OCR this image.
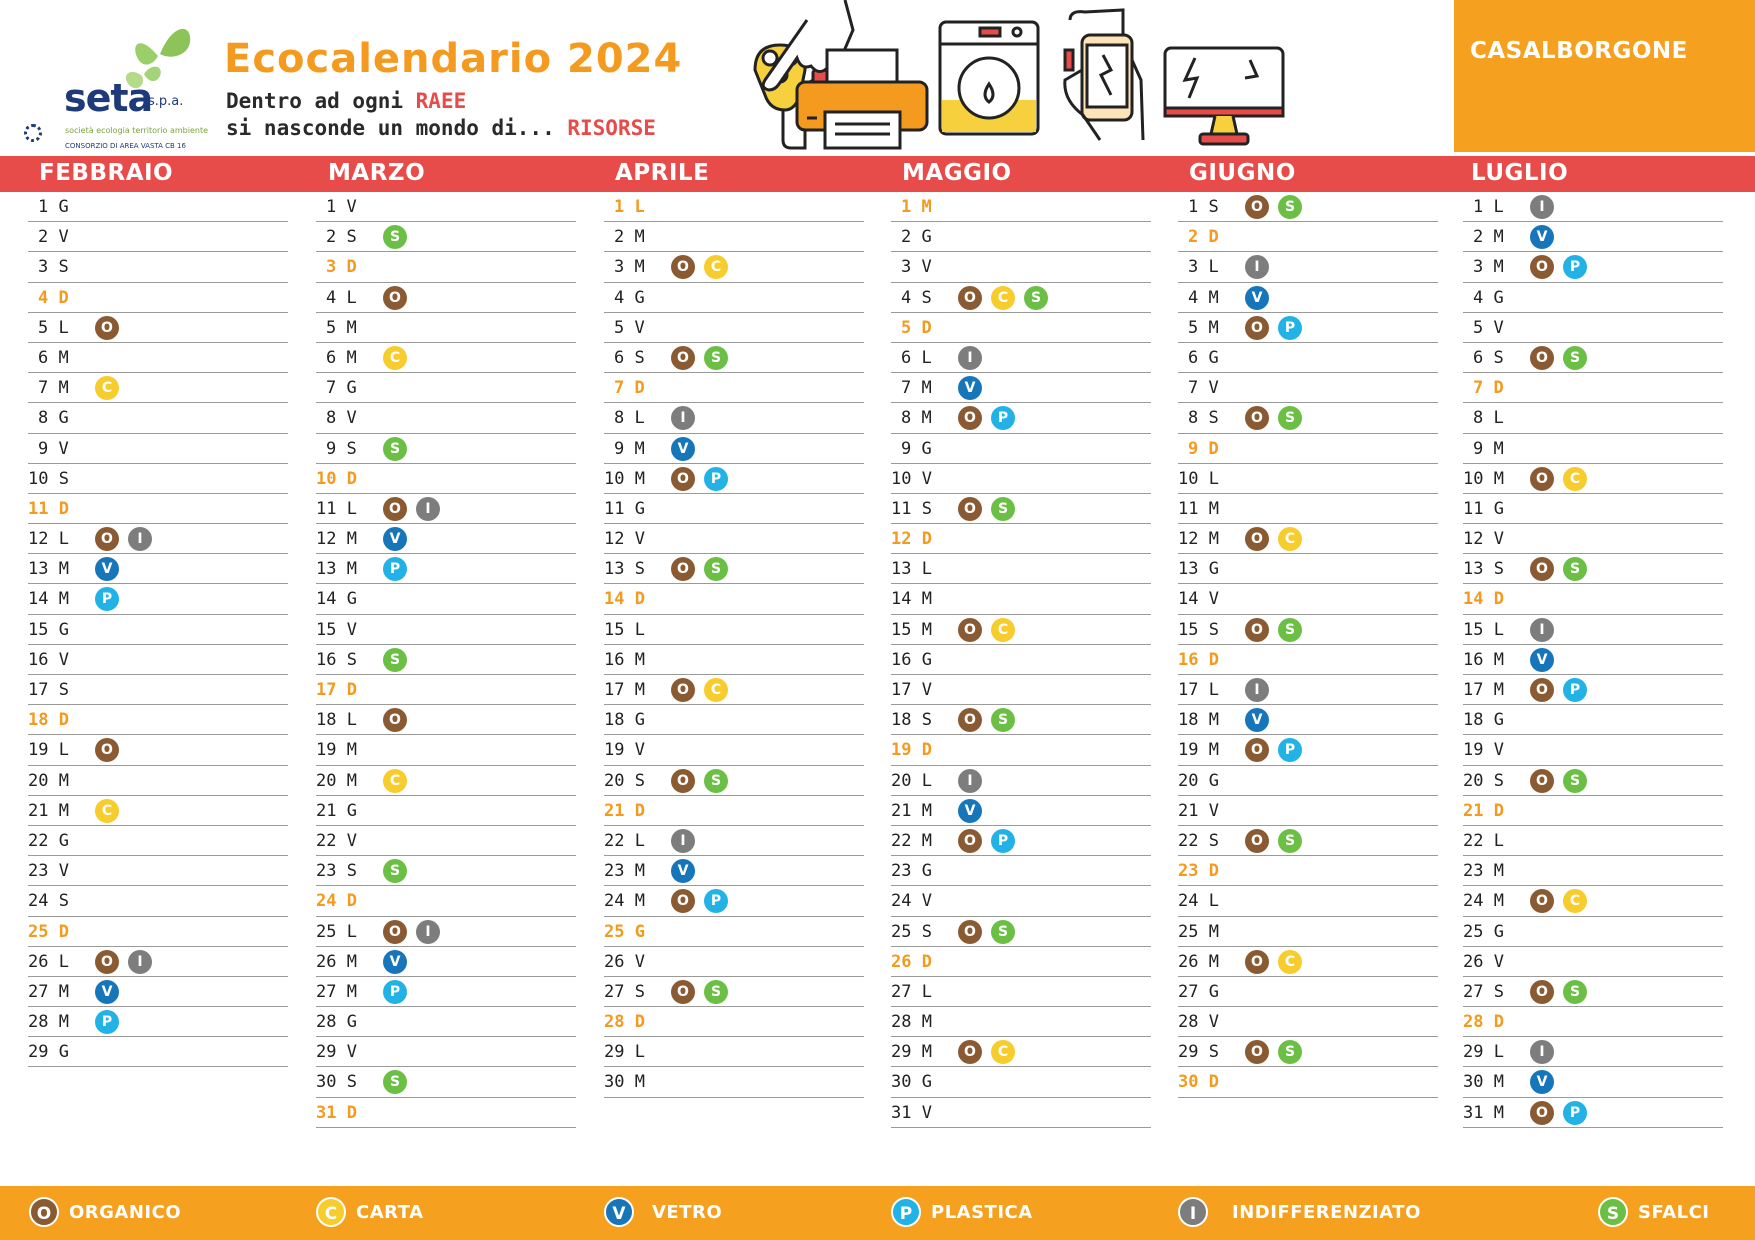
seta
s.p.a.
società ecologia territorio ambiente
CONSORZIO DI AREA VASTA CB 16
Ecocalendario 2024
Dentro ad ogni RAEE
si nasconde un mondo di... RISORSE
CASALBORGONE
FEBBRAIO	MARZO	APRILE	MAGGIO	GIUGNO	LUGLIO
1 G
2 V
3 S
4 D
5 L	O
6 M
7 M	C
8 G
9 V
10 S
11 D
12 L	O	I
13 M	V
14 M	P
15 G
16 V
17 S
18 D
19 L	O
20 M
21 M	C
22 G
23 V
24 S
25 D
26 L	O	I
27 M	V
28 M	P
29 G
1 V
2 S	S
3 D
4 L	O
5 M
6 M	C
7 G
8 V
9 S	S
10 D
11 L	O	I
12 M	V
13 M	P
14 G
15 V
16 S	S
17 D
18 L	O
19 M
20 M	C
21 G
22 V
23 S	S
24 D
25 L	O	I
26 M	V
27 M	P
28 G
29 V
30 S	S
31 D
1 L
2 M
3 M	O	C
4 G
5 V
6 S	O	S
7 D
8 L	I
9 M	V
10 M	O	P
11 G
12 V
13 S	O	S
14 D
15 L
16 M
17 M	O	C
18 G
19 V
20 S	O	S
21 D
22 L	I
23 M	V
24 M	O	P
25 G
26 V
27 S	O	S
28 D
29 L
30 M
1 M
2 G
3 V
4 S	O	C	S
5 D
6 L	I
7 M	V
8 M	O	P
9 G
10 V
11 S	O	S
12 D
13 L
14 M
15 M	O	C
16 G
17 V
18 S	O	S
19 D
20 L	I
21 M	V
22 M	O	P
23 G
24 V
25 S	O	S
26 D
27 L
28 M
29 M	O	C
30 G
31 V
1 S	O	S
2 D
3 L	I
4 M	V
5 M	O	P
6 G
7 V
8 S	O	S
9 D
10 L
11 M
12 M	O	C
13 G
14 V
15 S	O	S
16 D
17 L	I
18 M	V
19 M	O	P
20 G
21 V
22 S	O	S
23 D
24 L
25 M
26 M	O	C
27 G
28 V
29 S	O	S
30 D
1 L	I
2 M	V
3 M	O	P
4 G
5 V
6 S	O	S
7 D
8 L
9 M
10 M	O	C
11 G
12 V
13 S	O	S
14 D
15 L	I
16 M	V
17 M	O	P
18 G
19 V
20 S	O	S
21 D
22 L
23 M
24 M	O	C
25 G
26 V
27 S	O	S
28 D
29 L	I
30 M	V
31 M	O	P
O ORGANICO	C	CARTA	V	VETRO	P	PLASTICA	I	INDIFFERENZIATO	S	SFALCI
